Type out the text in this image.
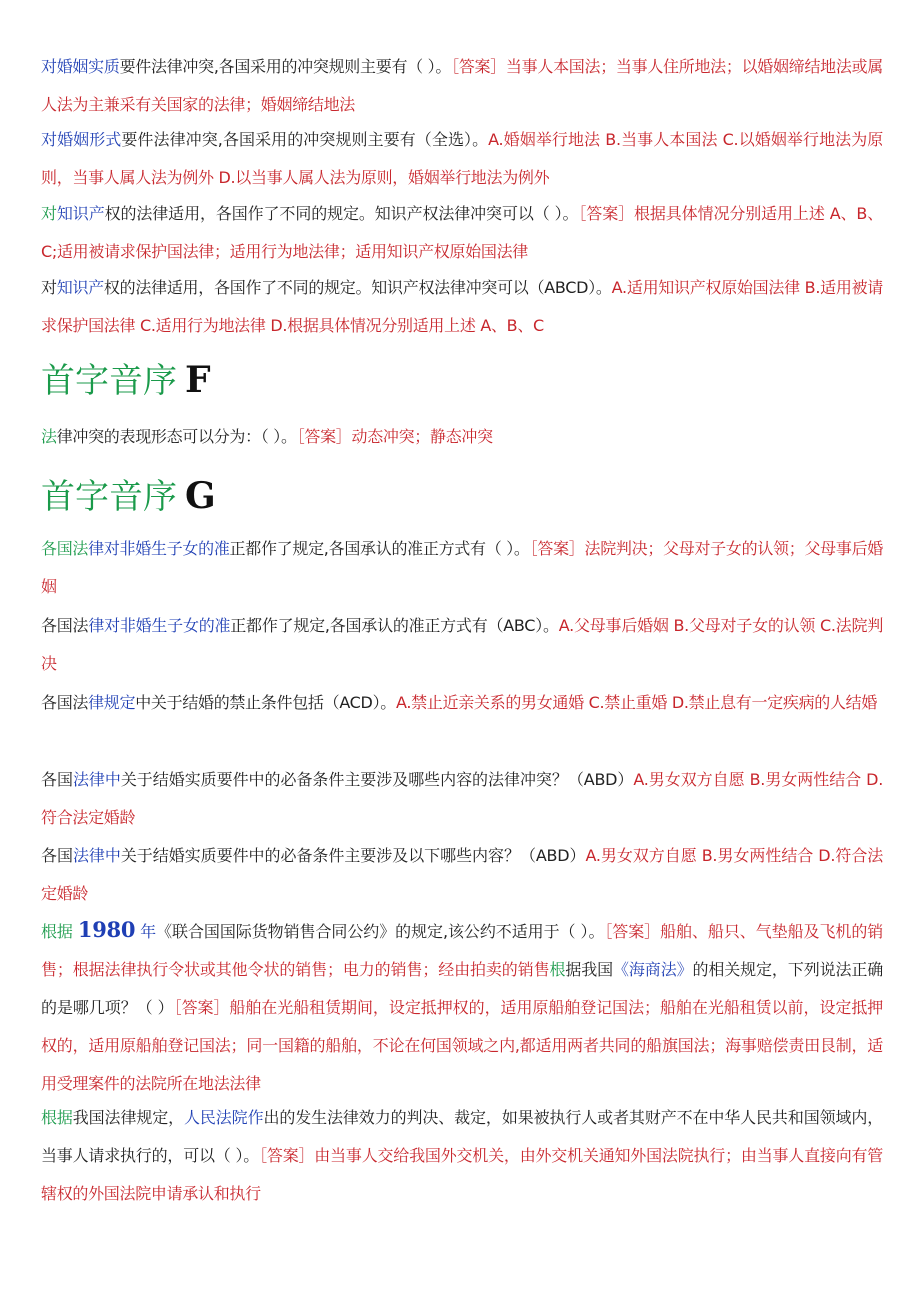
首字音序 F
首字音序 G
对婚姻实质要件法律冲突,各国采用的冲突规则主要有（ ）。［答案］当事人本国法；当事人住所地法；以婚姻缔结地法或属人法为主兼采有关国家的法律；婚姻缔结地法
对婚姻形式要件法律冲突,各国采用的冲突规则主要有（全选）。A.婚姻举行地法 B.当事人本国法 C.以婚姻举行地法为原则，当事人属人法为例外 D.以当事人属人法为原则，婚姻举行地法为例外
对知识产权的法律适用，各国作了不同的规定。知识产权法律冲突可以（ ）。［答案］根据具体情况分别适用上述 A、B、C;适用被请求保护国法律；适用行为地法律；适用知识产权原始国法律
对知识产权的法律适用，各国作了不同的规定。知识产权法律冲突可以（ABCD）。A.适用知识产权原始国法律 B.适用被请求保护国法律 C.适用行为地法律 D.根据具体情况分别适用上述 A、B、C
法律冲突的表现形态可以分为：（ ）。［答案］动态冲突；静态冲突
各国法律对非婚生子女的准正都作了规定,各国承认的准正方式有（ ）。［答案］法院判决；父母对子女的认领；父母事后婚姻
各国法律对非婚生子女的准正都作了规定,各国承认的准正方式有（ABC）。A.父母事后婚姻 B.父母对子女的认领 C.法院判决
各国法律规定中关于结婚的禁止条件包括（ACD）。A.禁止近亲关系的男女通婚 C.禁止重婚 D.禁止息有一定疾病的人结婚
各国法律中关于结婚实质要件中的必备条件主要涉及哪些内容的法律冲突？（ABD）A.男女双方自愿 B.男女两性结合 D.符合法定婚龄
各国法律中关于结婚实质要件中的必备条件主要涉及以下哪些内容？（ABD）A.男女双方自愿 B.男女两性结合 D.符合法定婚龄
根据 1980 年《联合国国际货物销售合同公约》的规定,该公约不适用于（ ）。［答案］船舶、船只、气垫船及飞机的销售；根据法律执行令状或其他令状的销售；电力的销售；经由拍卖的销售根据我国《海商法》的相关规定，下列说法正确的是哪几项？（ ）［答案］船舶在光船租赁期间，设定抵押权的，适用原船舶登记国法；船舶在光船租赁以前，设定抵押权的，适用原船舶登记国法；同一国籍的船舶，不论在何国领域之内,都适用两者共同的船旗国法；海事赔偿责田艮制，适用受理案件的法院所在地法法律
根据我国法律规定，人民法院作出的发生法律效力的判决、裁定，如果被执行人或者其财产不在中华人民共和国领域内，当事人请求执行的，可以（ ）。［答案］由当事人交给我国外交机关，由外交机关通知外国法院执行；由当事人直接向有管辖权的外国法院申请承认和执行
